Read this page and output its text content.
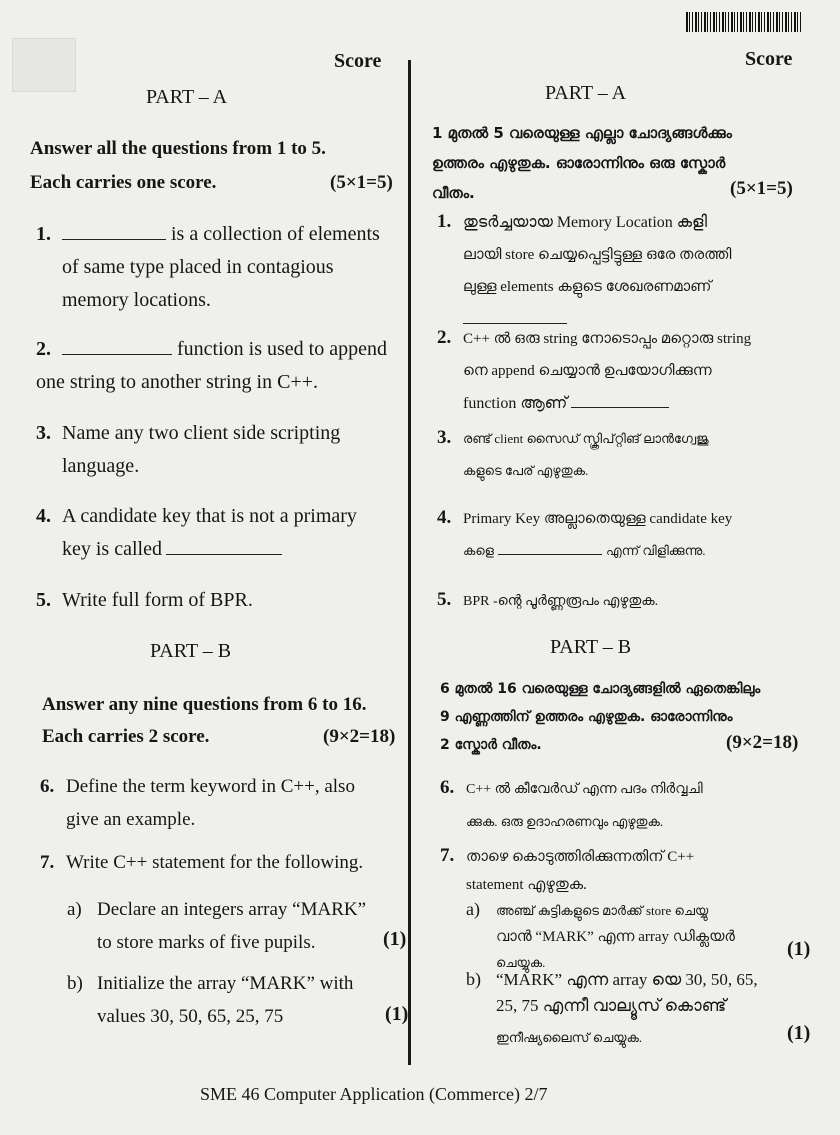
Score	Score
PART – A
Answer all the questions from 1 to 5.
Each carries one score.	(5×1=5)
1.	is a collection of elements
of same type placed in contagious
memory locations.
2.	function is used to append
one string to another string in C++.
3. Name any two client side scripting
language.
4. A candidate key that is not a primary
key is called
5. Write full form of BPR.
PART – B
Answer any nine questions from 6 to 16.
Each carries 2 score.	(9×2=18)
6. Define the term keyword in C++, also
give an example.
7. Write C++ statement for the following.
a) Declare an integers array “MARK”
to store marks of five pupils.	(1)
b) Initialize the array “MARK” with
values 30, 50, 65, 25, 75	(1)
PART – A
1 മുതൽ 5 വരെയുള്ള എല്ലാ ചോദ്യങ്ങൾക്കും
ഉത്തരം എഴുതുക. ഓരോന്നിനും ഒരു സ്കോർ
വീതം.	(5×1=5)
1. തുടർച്ചയായ Memory Location കളി
ലായി store ചെയ്യപ്പെട്ടിട്ടുള്ള ഒരേ തരത്തി
ലുള്ള elements കളുടെ ശേഖരണമാണ്
2. C++ ൽ ഒരു string നോടൊപ്പം മറ്റൊരു string
നെ append ചെയ്യാൻ ഉപയോഗിക്കുന്ന
function ആണ്
3. രണ്ട് client സൈഡ് സ്ക്രിപ്റ്റിങ് ലാൻഗ്വേജു
കളുടെ പേര് എഴുതുക.
4. Primary Key അല്ലാതെയുള്ള candidate key
കളെ	എന്ന് വിളിക്കുന്നു.
5. BPR -ന്റെ പൂർണ്ണരൂപം എഴുതുക.
PART – B
6 മുതൽ 16 വരെയുള്ള ചോദ്യങ്ങളിൽ ഏതെങ്കിലും
9 എണ്ണത്തിന് ഉത്തരം എഴുതുക. ഓരോന്നിനും
2 സ്കോർ വീതം.	(9×2=18)
6. C++ ൽ കീവേർഡ് എന്ന പദം നിർവ്വചി
ക്കുക. ഒരു ഉദാഹരണവും എഴുതുക.
7. താഴെ കൊടുത്തിരിക്കുന്നതിന് C++
statement എഴുതുക.
a) അഞ്ച് കുട്ടികളുടെ മാർക്ക് store ചെയ്യു
വാൻ “MARK” എന്ന array ഡിക്ലയർ
ചെയ്യുക.
(1)
b) “MARK” എന്ന array യെ 30, 50, 65,
25, 75 എന്നീ വാല്യൂസ് കൊണ്ട്
ഇനീഷ്യലൈസ് ചെയ്യുക.	(1)
SME 46 Computer Application (Commerce) 2/7
